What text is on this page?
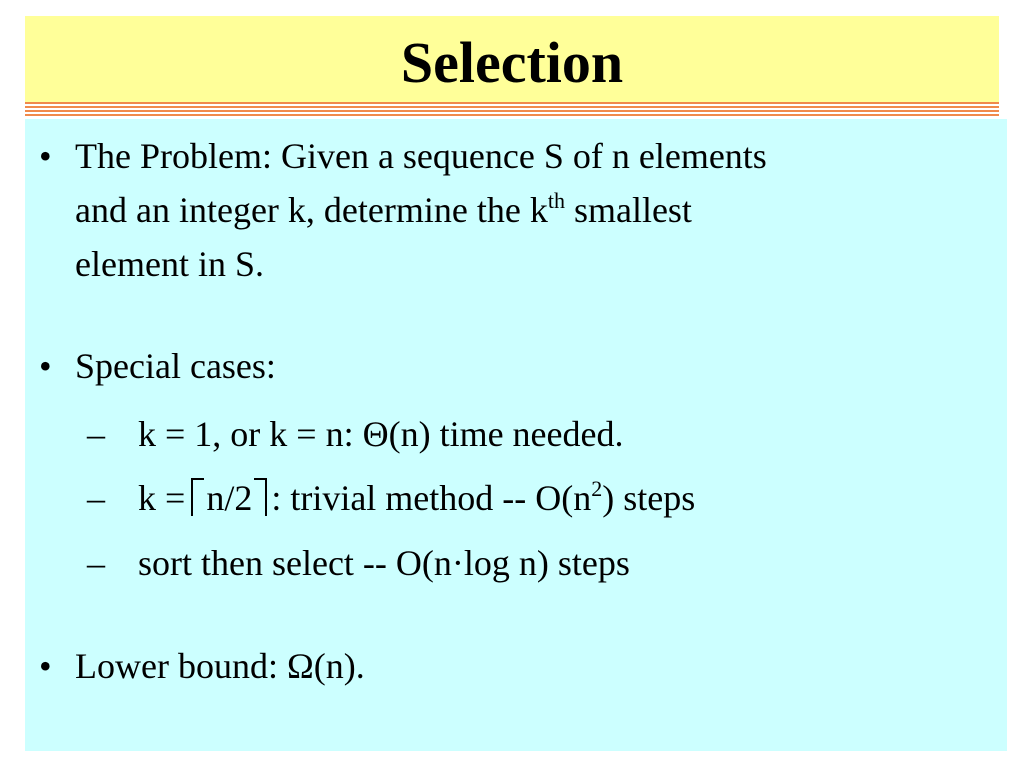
Selection
• The Problem: Given a sequence S of n elements
and an integer k, determine the $k^{th}$ smallest
element in S.
• Special cases:
– k = 1, or k = n: Θ(n) time needed.
– k = n/2 : trivial method -- $O(n^2)$ steps
– sort then select -- O(n·log n) steps
• Lower bound: Ω(n).
